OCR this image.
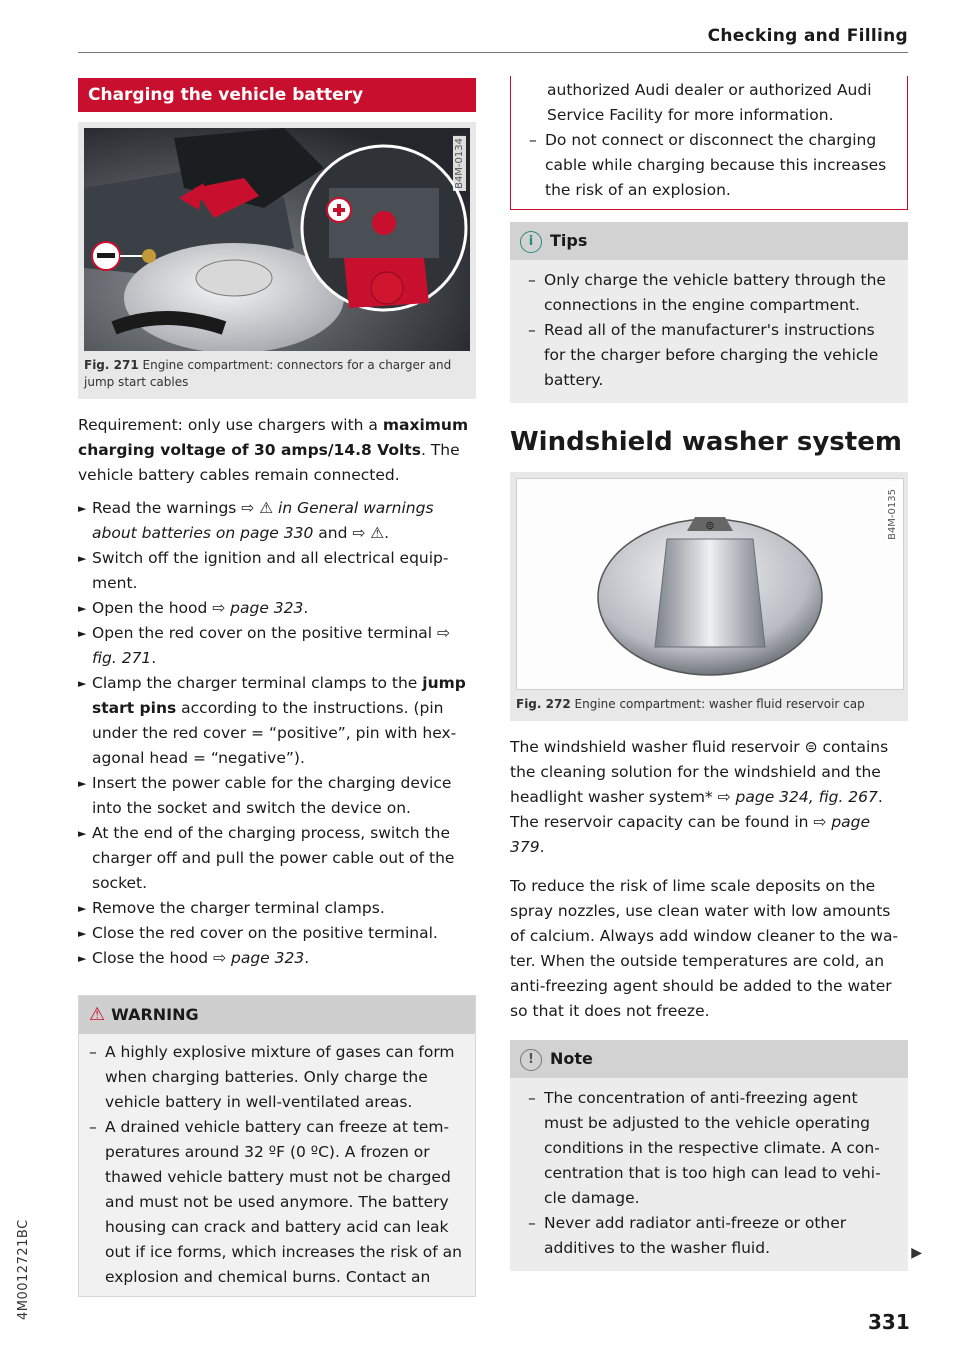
4M0012721BC
Checking and Filling
Charging the vehicle battery
B4M-0134
Fig. 271 Engine compartment: connectors for a charger and jump start cables

Requirement: only use chargers with a maximum charging voltage of 30 amps/14.8 Volts. The vehicle battery cables remain connected.

► Read the warnings ⇨ ⚠ in General warnings about batteries on page 330 and ⇨ ⚠.
► Switch off the ignition and all electrical equipment.
► Open the hood ⇨ page 323.
► Open the red cover on the positive terminal ⇨ fig. 271.
► Clamp the charger terminal clamps to the jump start pins according to the instructions. (pin under the red cover = “positive”, pin with hexagonal head = “negative”).
► Insert the power cable for the charging device into the socket and switch the device on.
► At the end of the charging process, switch the charger off and pull the power cable out of the socket.
► Remove the charger terminal clamps.
► Close the red cover on the positive terminal.
► Close the hood ⇨ page 323.
⚠ WARNING
– A highly explosive mixture of gases can form when charging batteries. Only charge the vehicle battery in well-ventilated areas.
– A drained vehicle battery can freeze at temperatures around 32 ºF (0 ºC). A frozen or thawed vehicle battery must not be charged and must not be used anymore. The battery housing can crack and battery acid can leak out if ice forms, which increases the risk of an explosion and chemical burns. Contact an
authorized Audi dealer or authorized Audi Service Facility for more information.
– Do not connect or disconnect the charging cable while charging because this increases the risk of an explosion.
i Tips
– Only charge the vehicle battery through the connections in the engine compartment.
– Read all of the manufacturer's instructions for the charger before charging the vehicle battery.
Windshield washer system
⊜	B4M-0135
Fig. 272 Engine compartment: washer fluid reservoir cap

The windshield washer fluid reservoir ⊜ contains the cleaning solution for the windshield and the headlight washer system* ⇨ page 324, fig. 267. The reservoir capacity can be found in ⇨ page 379.

To reduce the risk of lime scale deposits on the spray nozzles, use clean water with low amounts of calcium. Always add window cleaner to the water. When the outside temperatures are cold, an anti-freezing agent should be added to the water so that it does not freeze.

! Note
– The concentration of anti-freezing agent must be adjusted to the vehicle operating conditions in the respective climate. A concentration that is too high can lead to vehicle damage.
– Never add radiator anti-freeze or other additives to the washer fluid.	▶
331
